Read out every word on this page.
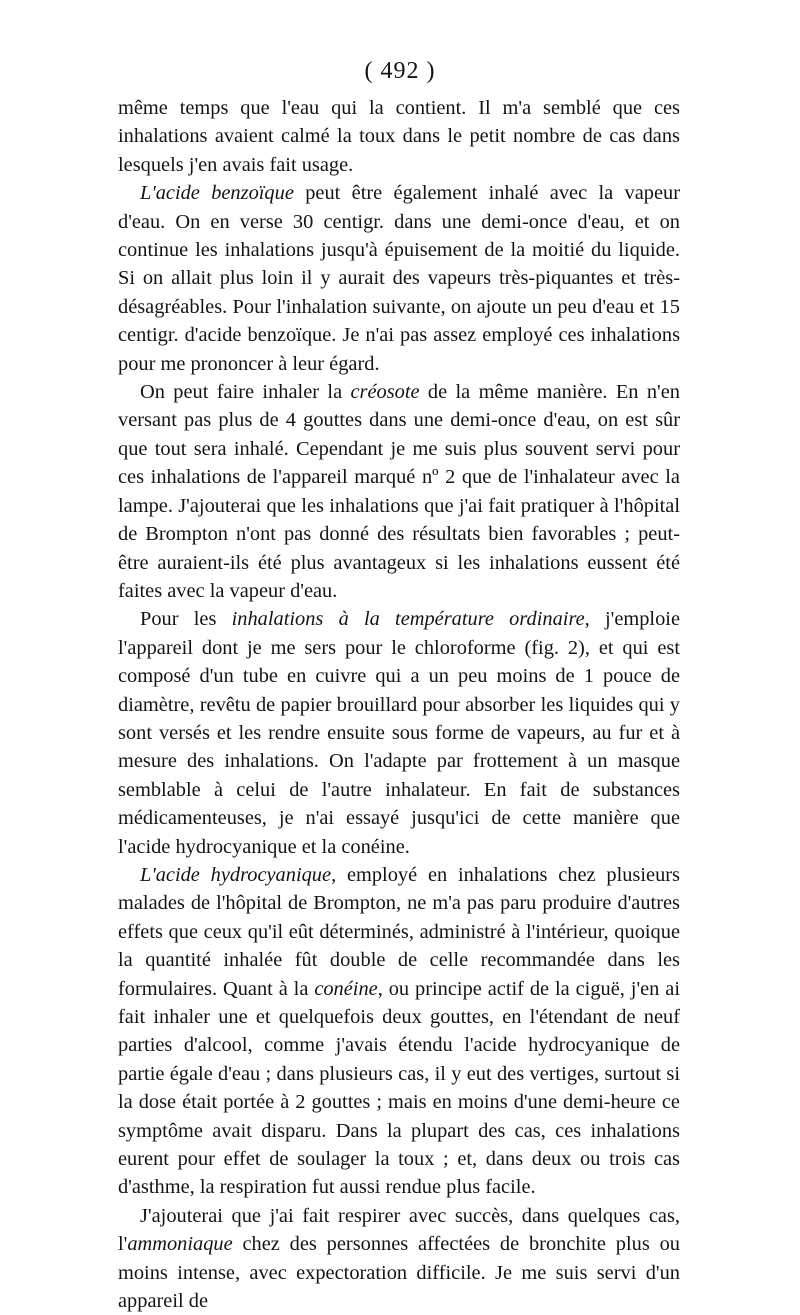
( 492 )

même temps que l'eau qui la contient. Il m'a semblé que ces inhalations avaient calmé la toux dans le petit nombre de cas dans lesquels j'en avais fait usage.

L'acide benzoïque peut être également inhalé avec la vapeur d'eau. On en verse 30 centigr. dans une demi-once d'eau, et on continue les inhalations jusqu'à épuisement de la moitié du liquide. Si on allait plus loin il y aurait des vapeurs très-piquantes et très-désagréables. Pour l'inhalation suivante, on ajoute un peu d'eau et 15 centigr. d'acide benzoïque. Je n'ai pas assez employé ces inhalations pour me prononcer à leur égard.

On peut faire inhaler la créosote de la même manière. En n'en versant pas plus de 4 gouttes dans une demi-once d'eau, on est sûr que tout sera inhalé. Cependant je me suis plus souvent servi pour ces inhalations de l'appareil marqué nº 2 que de l'inhalateur avec la lampe. J'ajouterai que les inhalations que j'ai fait pratiquer à l'hôpital de Brompton n'ont pas donné des résultats bien favorables ; peut-être auraient-ils été plus avantageux si les inhalations eussent été faites avec la vapeur d'eau.

Pour les inhalations à la température ordinaire, j'emploie l'appareil dont je me sers pour le chloroforme (fig. 2), et qui est composé d'un tube en cuivre qui a un peu moins de 1 pouce de diamètre, revêtu de papier brouillard pour absorber les liquides qui y sont versés et les rendre ensuite sous forme de vapeurs, au fur et à mesure des inhalations. On l'adapte par frottement à un masque semblable à celui de l'autre inhalateur. En fait de substances médicamenteuses, je n'ai essayé jusqu'ici de cette manière que l'acide hydrocyanique et la conéine.

L'acide hydrocyanique, employé en inhalations chez plusieurs malades de l'hôpital de Brompton, ne m'a pas paru produire d'autres effets que ceux qu'il eût déterminés, administré à l'intérieur, quoique la quantité inhalée fût double de celle recommandée dans les formulaires. Quant à la conéine, ou principe actif de la ciguë, j'en ai fait inhaler une et quelquefois deux gouttes, en l'étendant de neuf parties d'alcool, comme j'avais étendu l'acide hydrocyanique de partie égale d'eau ; dans plusieurs cas, il y eut des vertiges, surtout si la dose était portée à 2 gouttes ; mais en moins d'une demi-heure ce symptôme avait disparu. Dans la plupart des cas, ces inhalations eurent pour effet de soulager la toux ; et, dans deux ou trois cas d'asthme, la respiration fut aussi rendue plus facile.

J'ajouterai que j'ai fait respirer avec succès, dans quelques cas, l'ammoniaque chez des personnes affectées de bronchite plus ou moins intense, avec expectoration difficile. Je me suis servi d'un appareil de
